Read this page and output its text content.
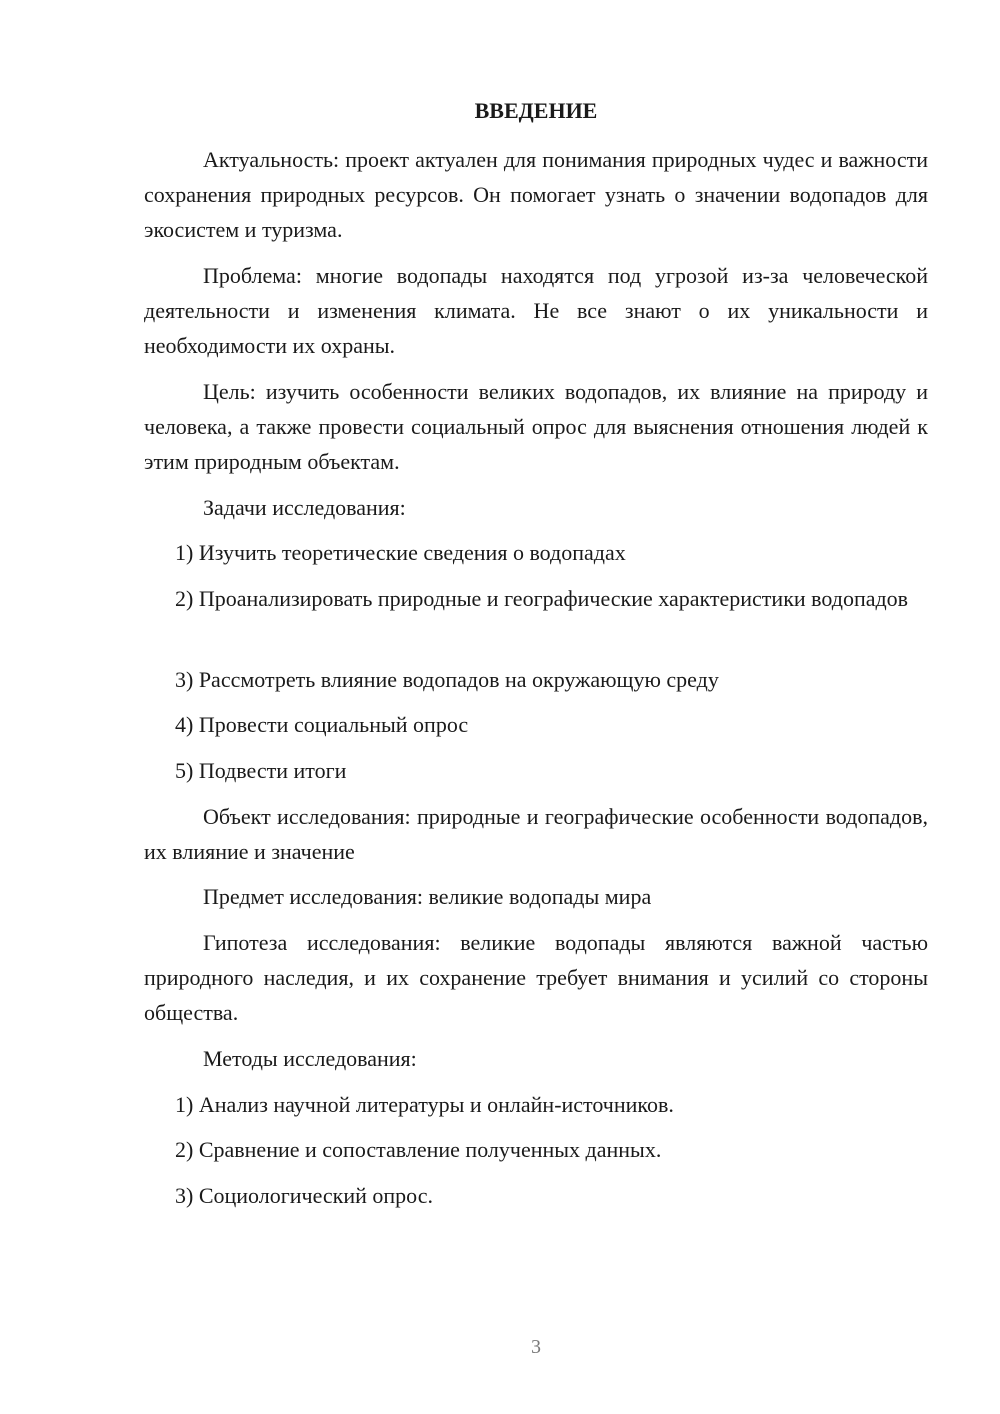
ВВЕДЕНИЕ

Актуальность: проект актуален для понимания природных чудес и важности сохранения природных ресурсов. Он помогает узнать о значении водопадов для экосистем и туризма.

Проблема: многие водопады находятся под угрозой из-за человеческой деятельности и изменения климата. Не все знают о их уникальности и необходимости их охраны.

Цель: изучить особенности великих водопадов, их влияние на природу и человека, а также провести социальный опрос для выяснения отношения людей к этим природным объектам.

Задачи исследования:

1) Изучить теоретические сведения о водопадах

2) Проанализировать природные и географические характеристики водопадов

3) Рассмотреть влияние водопадов на окружающую среду

4) Провести социальный опрос

5) Подвести итоги

Объект исследования: природные и географические особенности водопадов, их влияние и значение

Предмет исследования: великие водопады мира

Гипотеза исследования: великие водопады являются важной частью природного наследия, и их сохранение требует внимания и усилий со стороны общества.

Методы исследования:

1) Анализ научной литературы и онлайн-источников.

2) Сравнение и сопоставление полученных данных.

3) Социологический опрос.

3
